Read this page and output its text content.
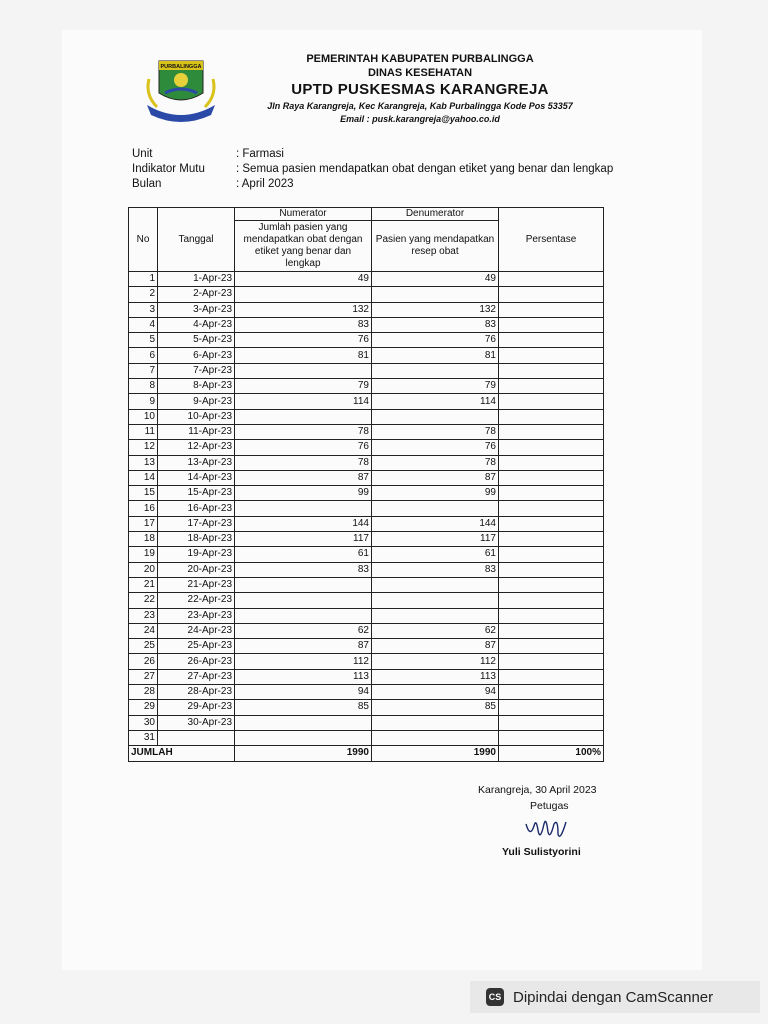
PURBALINGGA
PEMERINTAH KABUPATEN PURBALINGGA
DINAS KESEHATAN
UPTD PUSKESMAS KARANGREJA
Jln Raya Karangreja, Kec Karangreja, Kab Purbalingga Kode Pos 53357
Email : pusk.karangreja@yahoo.co.id
Unit	: Farmasi
Indikator Mutu	: Semua pasien mendapatkan obat dengan etiket yang benar dan lengkap
Bulan	: April 2023
No	Tanggal	Numerator	Denumerator	Persentase
		Jumlah pasien yang mendapatkan obat dengan etiket yang benar dan lengkap	Pasien yang mendapatkan resep obat	
1	1-Apr-23	49	49	
2	2-Apr-23			
3	3-Apr-23	132	132	
4	4-Apr-23	83	83	
5	5-Apr-23	76	76	
6	6-Apr-23	81	81	
7	7-Apr-23			
8	8-Apr-23	79	79	
9	9-Apr-23	114	114	
10	10-Apr-23			
11	11-Apr-23	78	78	
12	12-Apr-23	76	76	
13	13-Apr-23	78	78	
14	14-Apr-23	87	87	
15	15-Apr-23	99	99	
16	16-Apr-23			
17	17-Apr-23	144	144	
18	18-Apr-23	117	117	
19	19-Apr-23	61	61	
20	20-Apr-23	83	83	
21	21-Apr-23			
22	22-Apr-23			
23	23-Apr-23			
24	24-Apr-23	62	62	
25	25-Apr-23	87	87	
26	26-Apr-23	112	112	
27	27-Apr-23	113	113	
28	28-Apr-23	94	94	
29	29-Apr-23	85	85	
30	30-Apr-23			
31				
JUMLAH		1990	1990	100%
Karangreja, 30 April 2023
Petugas
Yuli Sulistyorini
CS Dipindai dengan CamScanner
